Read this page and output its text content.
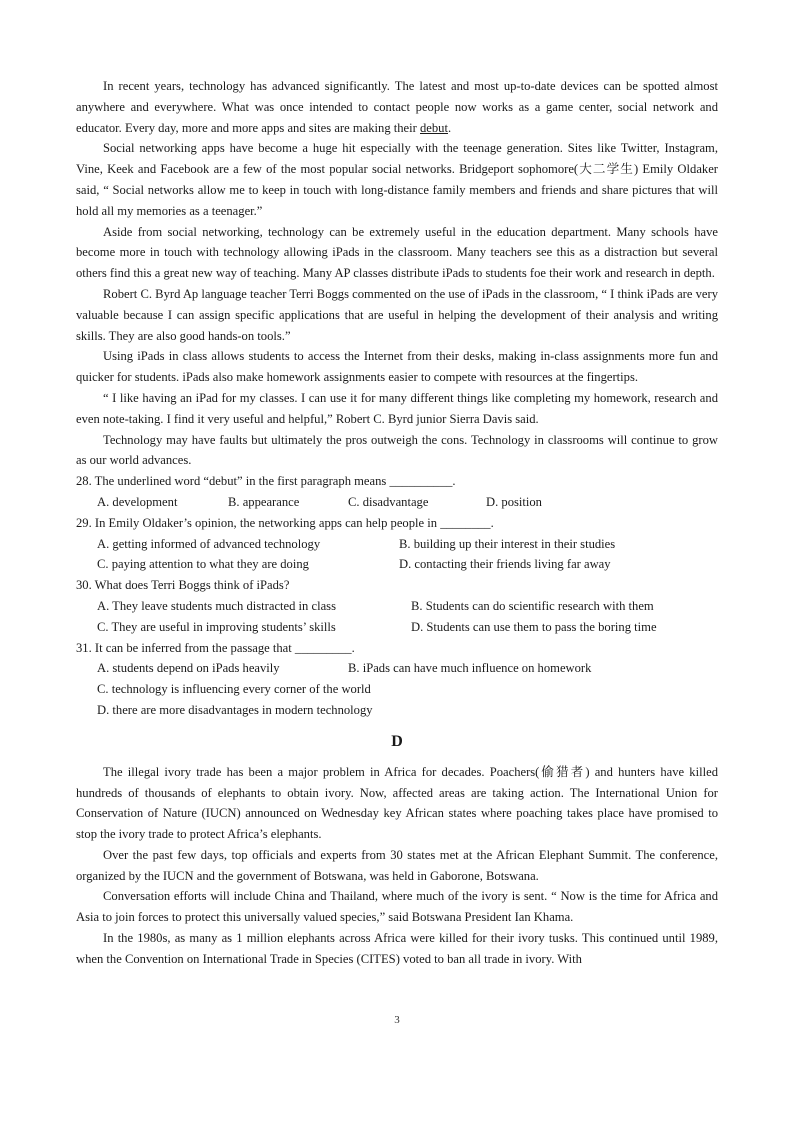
In recent years, technology has advanced significantly. The latest and most up-to-date devices can be spotted almost anywhere and everywhere. What was once intended to contact people now works as a game center, social network and educator. Every day, more and more apps and sites are making their debut.

Social networking apps have become a huge hit especially with the teenage generation. Sites like Twitter, Instagram, Vine, Keek and Facebook are a few of the most popular social networks. Bridgeport sophomore(大二学生) Emily Oldaker said, “ Social networks allow me to keep in touch with long-distance family members and friends and share pictures that will hold all my memories as a teenager.”

Aside from social networking, technology can be extremely useful in the education department. Many schools have become more in touch with technology allowing iPads in the classroom. Many teachers see this as a distraction but several others find this a great new way of teaching. Many AP classes distribute iPads to students foe their work and research in depth.

Robert C. Byrd Ap language teacher Terri Boggs commented on the use of iPads in the classroom, “ I think iPads are very valuable because I can assign specific applications that are useful in helping the development of their analysis and writing skills. They are also good hands-on tools.”

Using iPads in class allows students to access the Internet from their desks, making in-class assignments more fun and quicker for students. iPads also make homework assignments easier to compete with resources at the fingertips.

“ I like having an iPad for my classes. I can use it for many different things like completing my homework, research and even note-taking. I find it very useful and helpful,” Robert C. Byrd junior Sierra Davis said.

Technology may have faults but ultimately the pros outweigh the cons. Technology in classrooms will continue to grow as our world advances.

28. The underlined word “debut” in the first paragraph means __________.

A. development	B. appearance	C. disadvantage	D. position

29. In Emily Oldaker’s opinion, the networking apps can help people in ________.

A. getting informed of advanced technology	B. building up their interest in their studies
C. paying attention to what they are doing	D. contacting their friends living far away

30. What does Terri Boggs think of iPads?

A. They leave students much distracted in class	B. Students can do scientific research with them
C. They are useful in improving students’ skills	D. Students can use them to pass the boring time

31. It can be inferred from the passage that _________.

A. students depend on iPads heavily	B. iPads can have much influence on homework
C. technology is influencing every corner of the world
D. there are more disadvantages in modern technology
D

The illegal ivory trade has been a major problem in Africa for decades. Poachers(偷猎者) and hunters have killed hundreds of thousands of elephants to obtain ivory. Now, affected areas are taking action. The International Union for Conservation of Nature (IUCN) announced on Wednesday key African states where poaching takes place have promised to stop the ivory trade to protect Africa’s elephants.

Over the past few days, top officials and experts from 30 states met at the African Elephant Summit. The conference, organized by the IUCN and the government of Botswana, was held in Gaborone, Botswana.

Conversation efforts will include China and Thailand, where much of the ivory is sent. “ Now is the time for Africa and Asia to join forces to protect this universally valued species,” said Botswana President Ian Khama.

In the 1980s, as many as 1 million elephants across Africa were killed for their ivory tusks. This continued until 1989, when the Convention on International Trade in Species (CITES) voted to ban all trade in ivory. With

3
